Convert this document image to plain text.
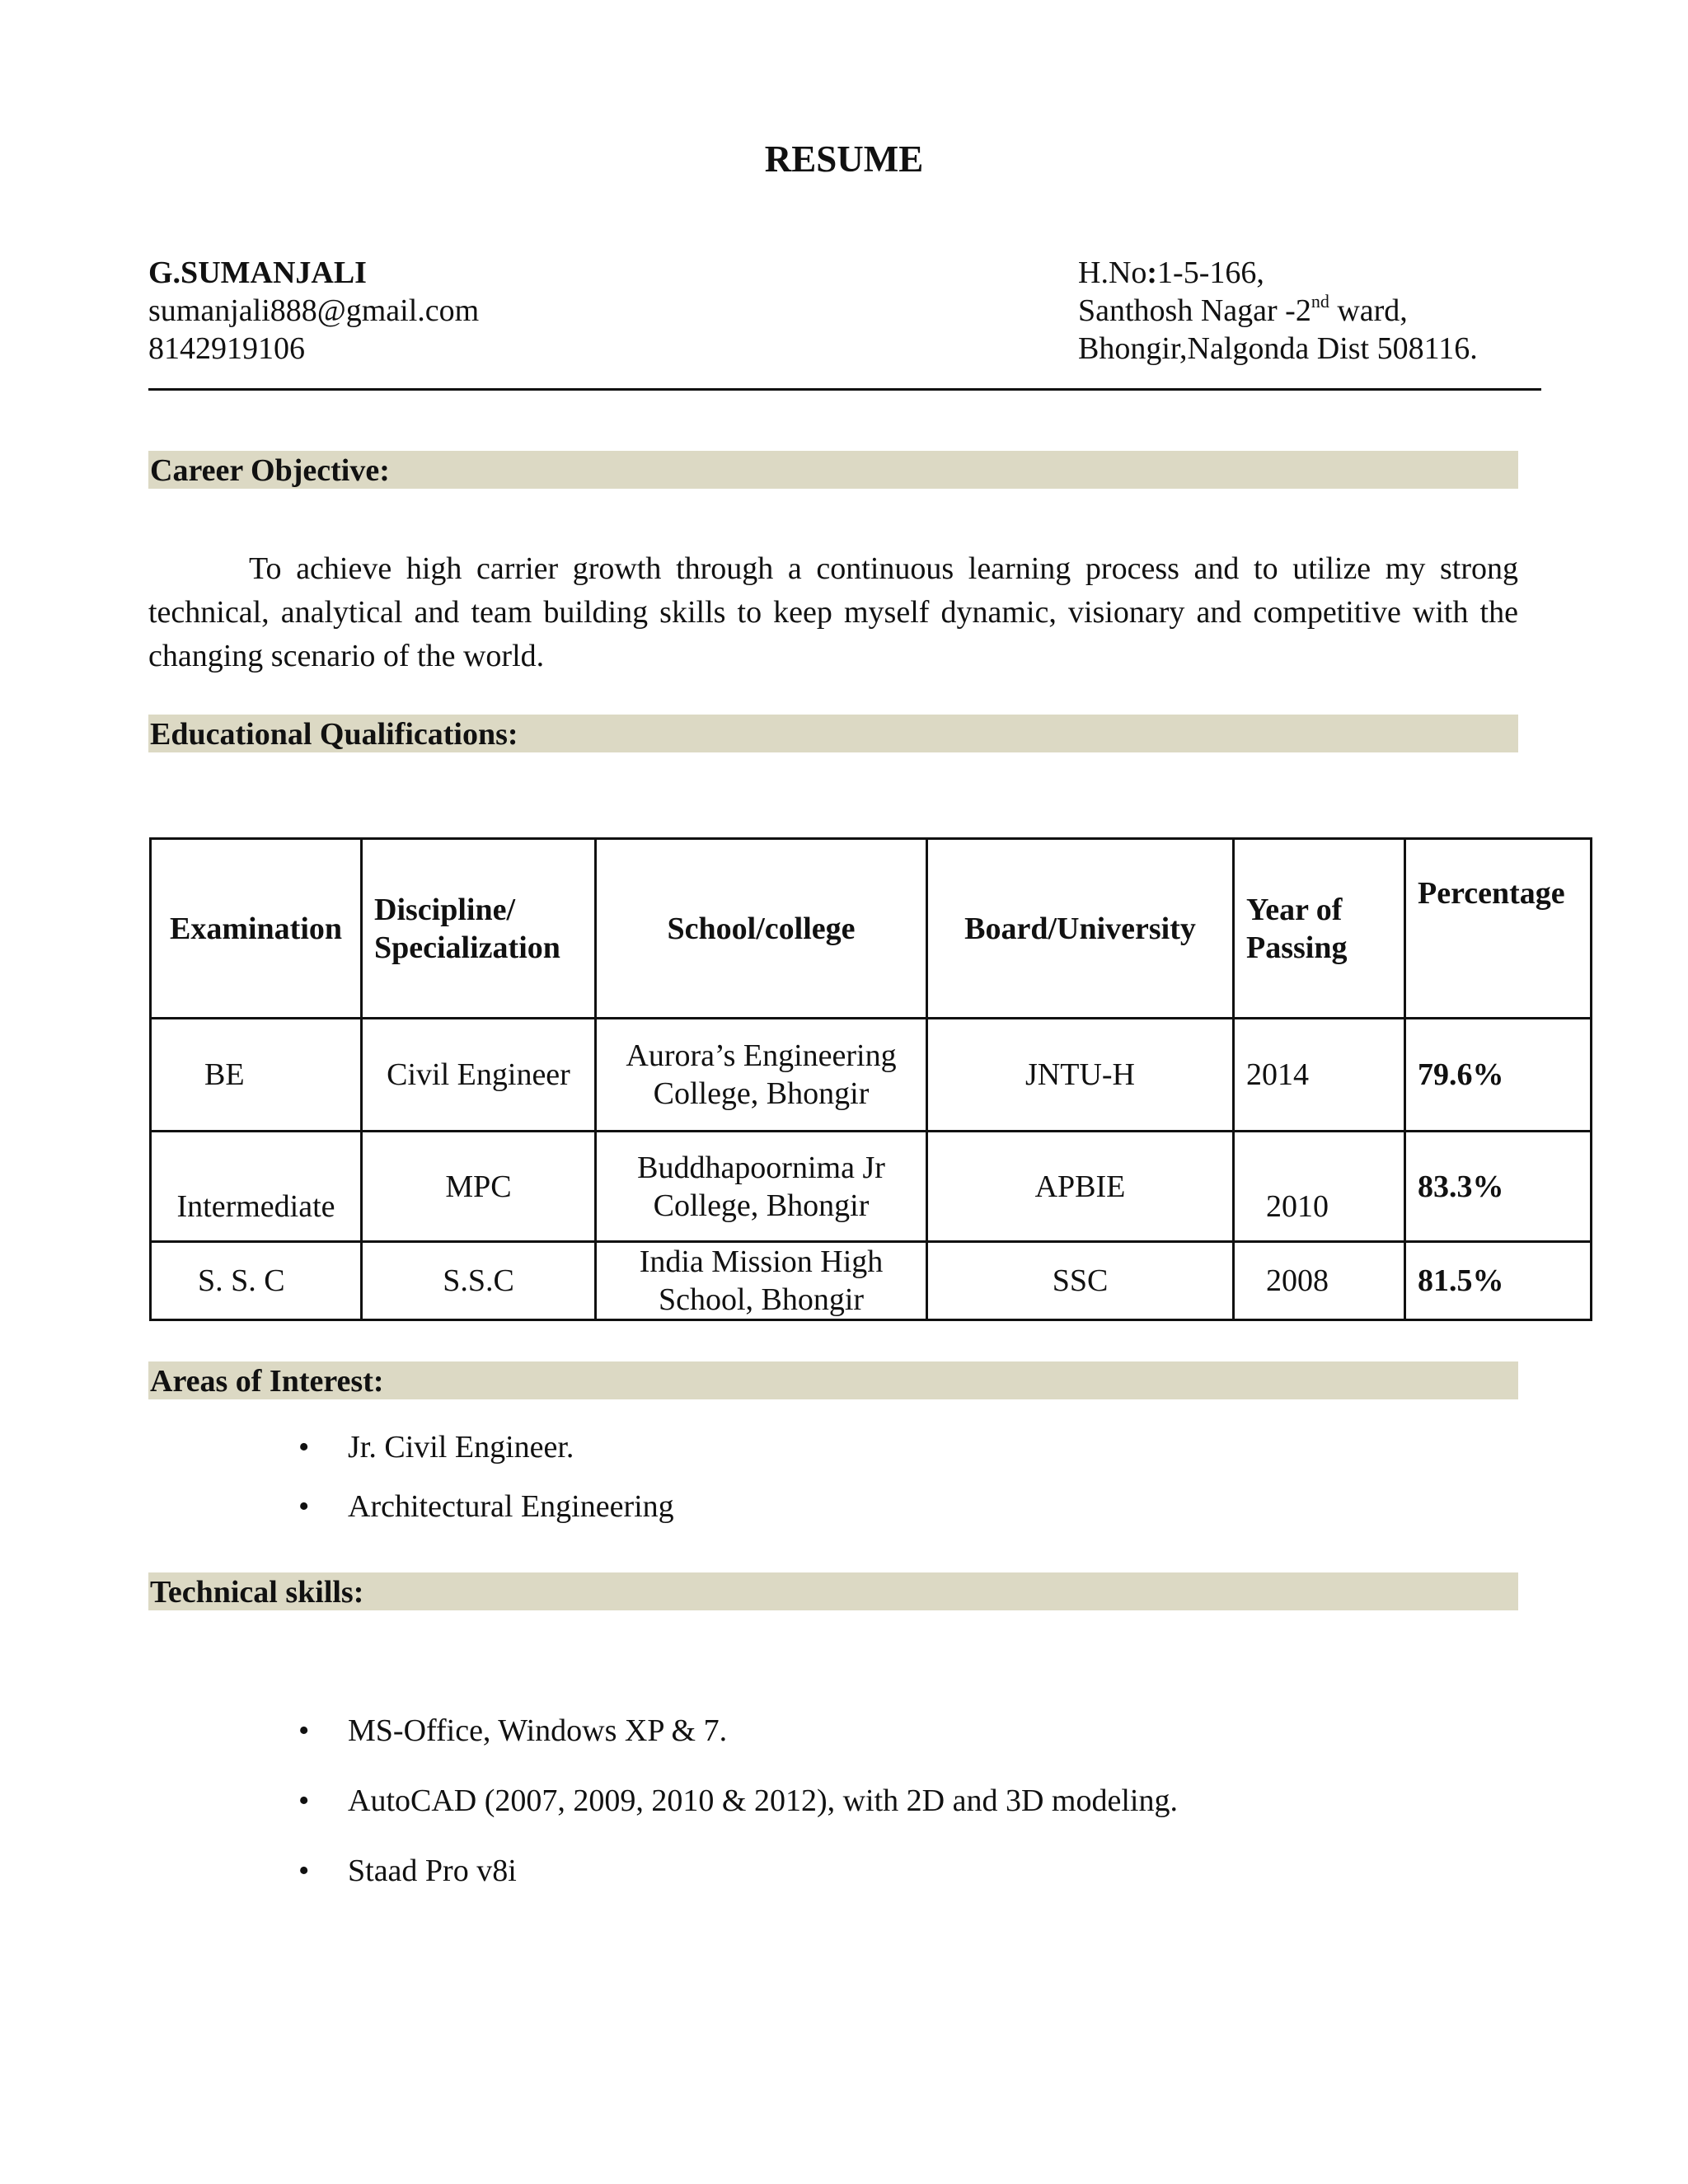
RESUME
G.SUMANJALI
sumanjali888@gmail.com
8142919106
H.No:1-5-166,
Santhosh Nagar -2nd ward,
Bhongir,Nalgonda Dist 508116.
Career Objective:
To achieve high carrier growth through a continuous learning process and to utilize my strong technical, analytical and team building skills to keep myself dynamic, visionary and competitive with the changing scenario of the world.
Educational Qualifications:
Examination	Discipline/ Specialization	School/college	Board/University	Year of Passing	Percentage
BE	Civil Engineer	Aurora’s Engineering College, Bhongir	JNTU-H	2014	79.6%
Intermediate	MPC	Buddhapoornima Jr College, Bhongir	APBIE	2010	83.3%
S. S. C	S.S.C	India Mission High School, Bhongir	SSC	2008	81.5%
Areas of Interest:
• Jr. Civil Engineer.
• Architectural Engineering
Technical skills:
• MS-Office, Windows XP & 7.
• AutoCAD (2007, 2009, 2010 & 2012), with 2D and 3D modeling.
• Staad Pro v8i
